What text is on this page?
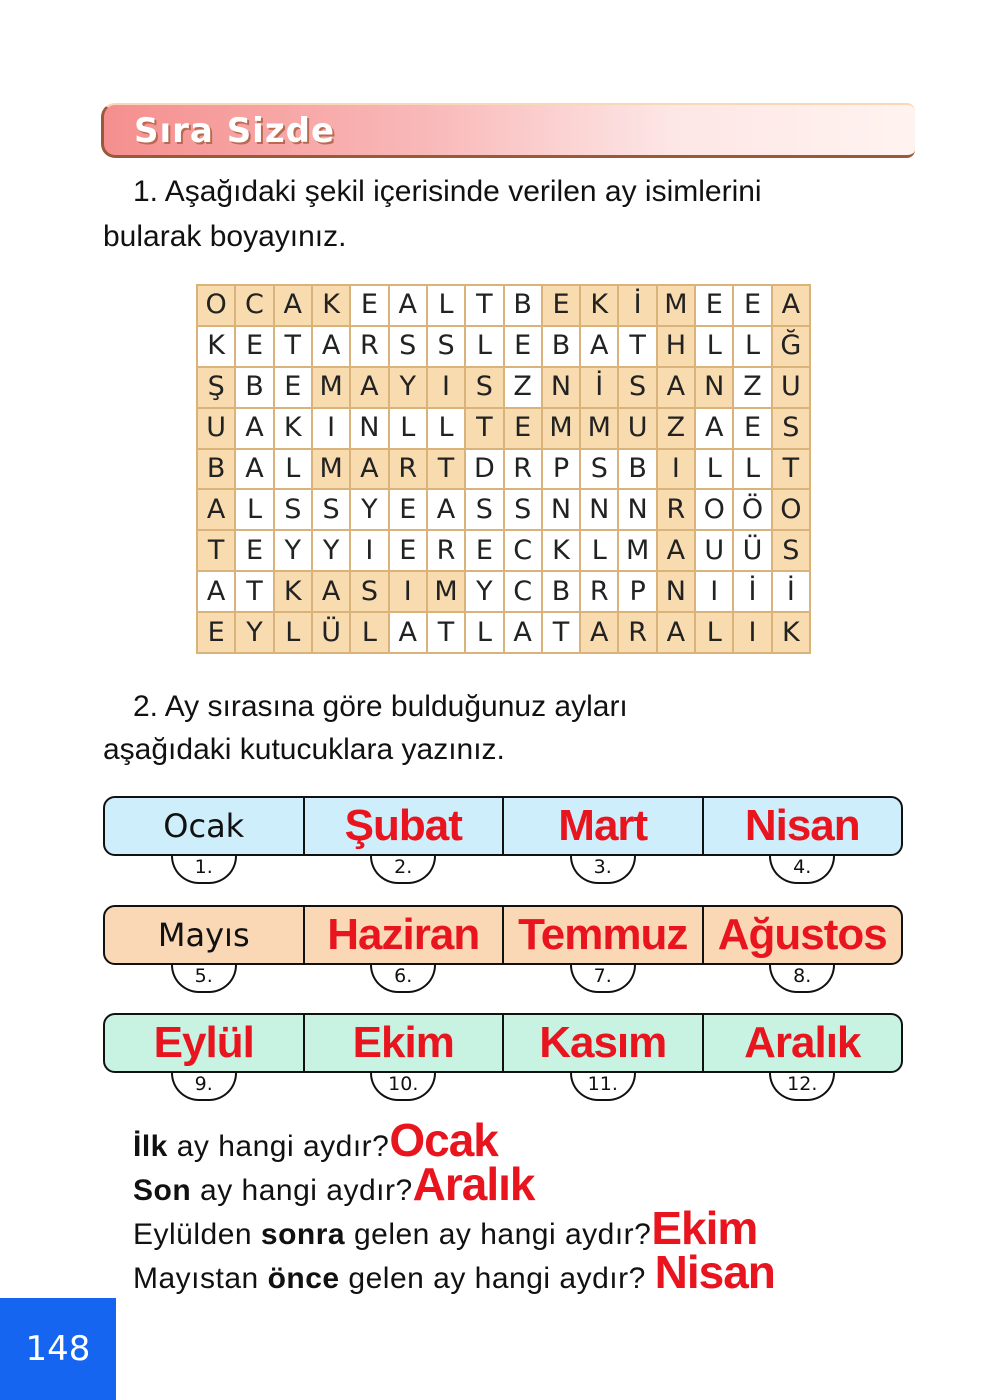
Sıra Sizde
1. Aşağıdaki şekil içerisinde verilen ay isimlerini
bularak boyayınız.
O C A K E A L T B E K İ M E E A
K E T A R S S L E B A T H L L Ğ
Ş B E M A Y I S Z N İ S A N Z U
U A K I N L L T E M M U Z A E S
B A L M A R T D R P S B I L L T
A L S S Y E A S S N N N R O Ö O
T E Y Y I E R E C K L M A U Ü S
A T K A S I M Y C B R P N I	İ	İ
E Y L Ü L A T L A T A R A L I K
2. Ay sırasına göre bulduğunuz ayları
aşağıdaki kutucuklara yazınız.
Ocak
1.
Şubat
2.
Mart
3.
Nisan
4.
Mayıs
5.
Haziran
6.
Temmuz
7.
Ağustos
8.
Eylül
9.
Ekim
10.
Kasım
11.
Aralık
12.
İlk ay hangi aydır?Ocak
Son ay hangi aydır?Aralık
Eylülden sonra gelen ay hangi aydır?Ekim
Mayıstan önce gelen ay hangi aydır? Nisan
148
